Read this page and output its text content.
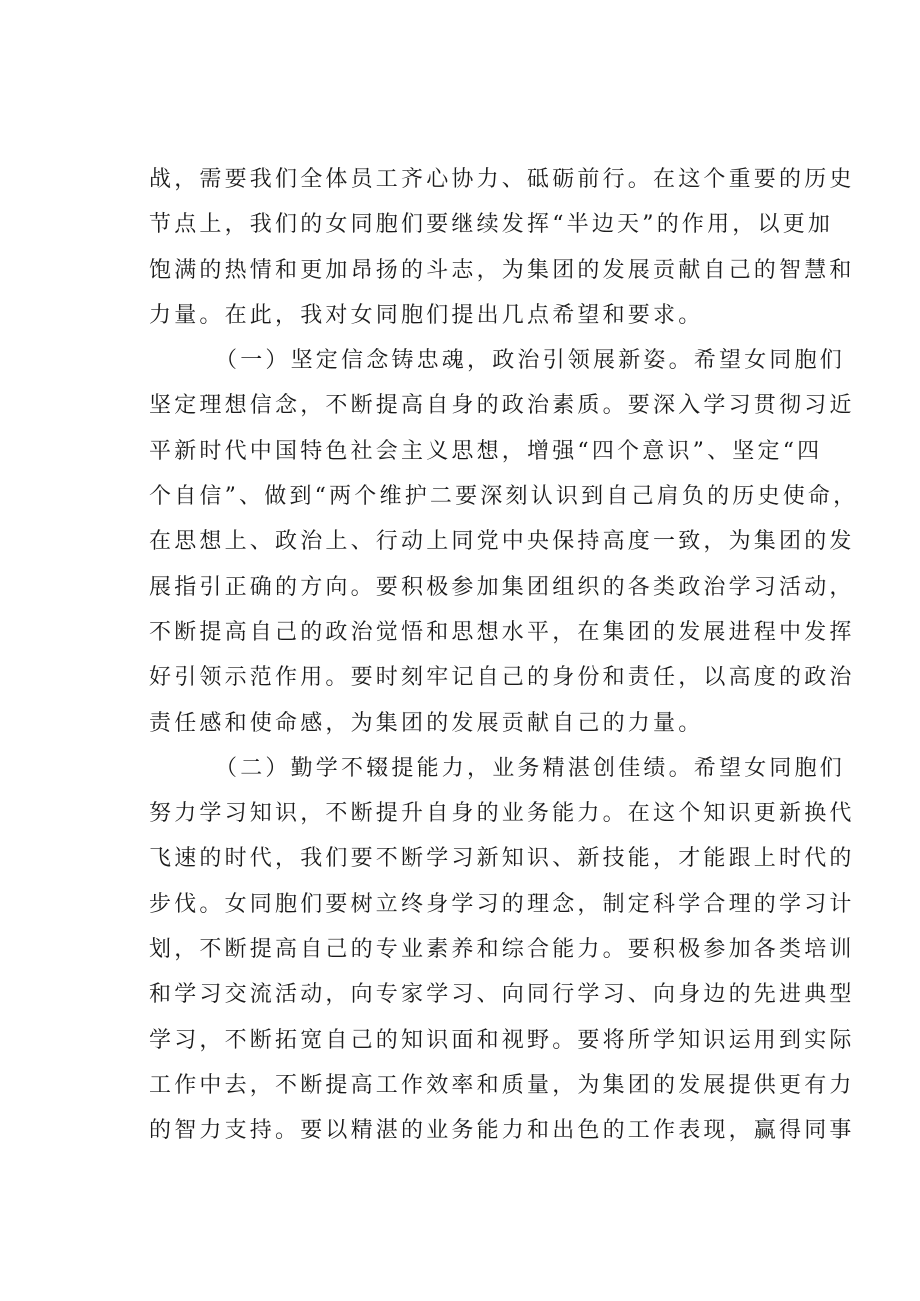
战，需要我们全体员工齐心协力、砥砺前行。在这个重要的历史
节点上，我们的女同胞们要继续发挥“半边天”的作用，以更加
饱满的热情和更加昂扬的斗志，为集团的发展贡献自己的智慧和
力量。在此，我对女同胞们提出几点希望和要求。
（一）坚定信念铸忠魂，政治引领展新姿。希望女同胞们
坚定理想信念，不断提高自身的政治素质。要深入学习贯彻习近
平新时代中国特色社会主义思想，增强“四个意识”、坚定“四
个自信”、做到“两个维护二要深刻认识到自己肩负的历史使命，
在思想上、政治上、行动上同党中央保持高度一致，为集团的发
展指引正确的方向。要积极参加集团组织的各类政治学习活动，
不断提高自己的政治觉悟和思想水平，在集团的发展进程中发挥
好引领示范作用。要时刻牢记自己的身份和责任，以高度的政治
责任感和使命感，为集团的发展贡献自己的力量。
（二）勤学不辍提能力，业务精湛创佳绩。希望女同胞们
努力学习知识，不断提升自身的业务能力。在这个知识更新换代
飞速的时代，我们要不断学习新知识、新技能，才能跟上时代的
步伐。女同胞们要树立终身学习的理念，制定科学合理的学习计
划，不断提高自己的专业素养和综合能力。要积极参加各类培训
和学习交流活动，向专家学习、向同行学习、向身边的先进典型
学习，不断拓宽自己的知识面和视野。要将所学知识运用到实际
工作中去，不断提高工作效率和质量，为集团的发展提供更有力
的智力支持。要以精湛的业务能力和出色的工作表现，赢得同事
